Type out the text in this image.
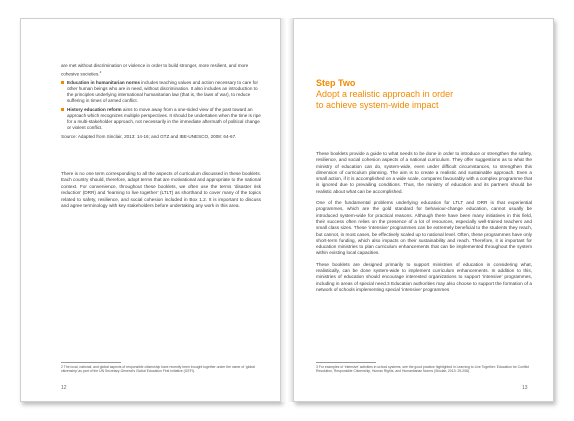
are met without discrimination or violence in order to build stronger, more resilient, and more cohesive societies.$^2$

Education in humanitarian norms includes teaching values and action necessary to care for other human beings who are in need, without discrimination. It also includes an introduction to the principles underlying international humanitarian law (that is, the laws of war), to reduce suffering in times of armed conflict.
History education reform aims to move away from a one-sided view of the past toward an approach which recognizes multiple perspectives. It should be undertaken when the time is ripe for a multi-stakeholder approach, not necessarily in the immediate aftermath of political change or violent conflict.

Source: Adapted from Sinclair, 2013: 14-16; and GTZ and IBE-UNESCO, 2008: 64-67.

There is no one term corresponding to all the aspects of curriculum discussed in these booklets. Each country should, therefore, adopt terms that are motivational and appropriate to the national context. For convenience, throughout these booklets, we often use the terms ‘disaster risk reduction’ (DRR) and ‘learning to live together’ (LTLT) as shorthand to cover many of the topics related to safety, resilience, and social cohesion included in Box 1.2. It is important to discuss and agree terminology with key stakeholders before undertaking any work in this area.

2 The local, national, and global aspects of responsible citizenship have recently been brought together under the name of ‘global citizenship’ as part of the UN Secretary-General’s Global Education First Initiative (GEFI).
12
Step Two
Adopt a realistic approach in order
to achieve system-wide impact

These booklets provide a guide to what needs to be done in order to introduce or strengthen the safety, resilience, and social cohesion aspects of a national curriculum. They offer suggestions as to what the ministry of education can do, system-wide, even under difficult circumstances, to strengthen this dimension of curriculum planning. The aim is to create a realistic and sustainable approach. Even a small action, if it is accomplished on a wide scale, compares favourably with a complex programme that is ignored due to prevailing conditions. Thus, the ministry of education and its partners should be realistic about what can be accomplished.

One of the fundamental problems underlying education for LTLT and DRR is that experiential programmes, which are the gold standard for behaviour-change education, cannot usually be introduced system-wide for practical reasons. Although there have been many initiatives in this field, their success often relies on the presence of a lot of resources, especially well-trained teachers and small class sizes. These ‘intensive’ programmes can be extremely beneficial to the students they reach, but cannot, in most cases, be effectively scaled up to national level. Often, these programmes have only short-term funding, which also impacts on their sustainability and reach. Therefore, it is important for education ministries to plan curriculum enhancements that can be implemented throughout the system within existing local capacities.

These booklets are designed primarily to support ministries of education in considering what, realistically, can be done system-wide to implement curriculum enhancements. In addition to this, ministries of education should encourage interested organizations to support ‘intensive’ programmes, including in areas of special need.3 Education authorities may also choose to support the formation of a network of schools implementing special ‘intensive’ programmes

3 For examples of ‘intensive’ activities in school systems, see the good practice highlighted in Learning to Live Together: Education for Conflict Resolution, Responsible Citizenship, Human Rights, and Humanitarian Norms (Sinclair, 2013: 25-208).
13
